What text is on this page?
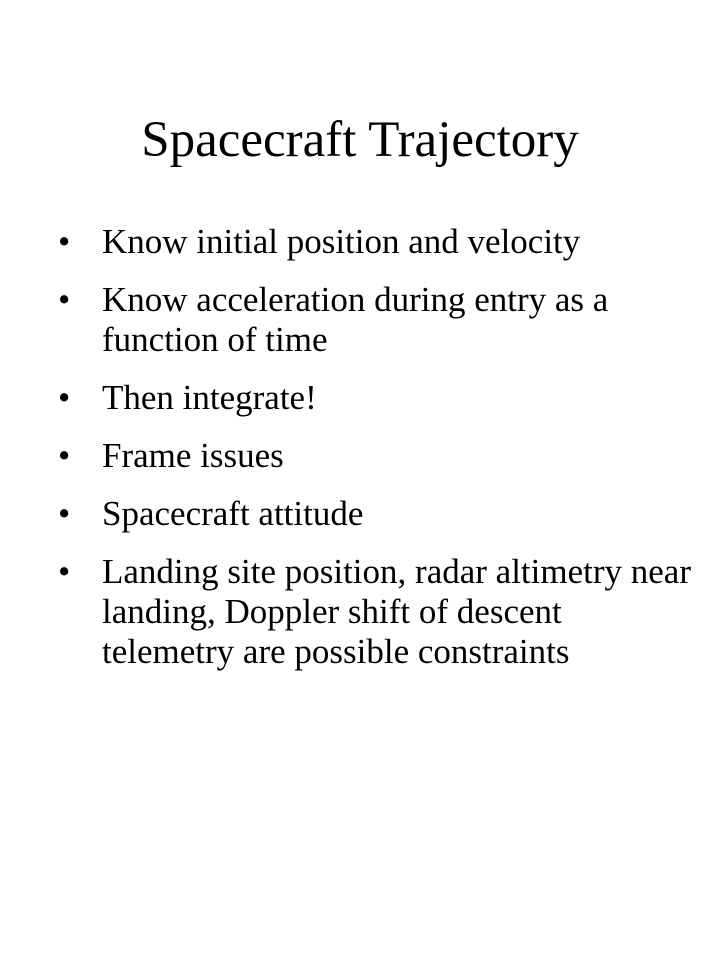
Spacecraft Trajectory
• Know initial position and velocity
• Know acceleration during entry as a function of time
• Then integrate!
• Frame issues
• Spacecraft attitude
• Landing site position, radar altimetry near landing, Doppler shift of descent telemetry are possible constraints
